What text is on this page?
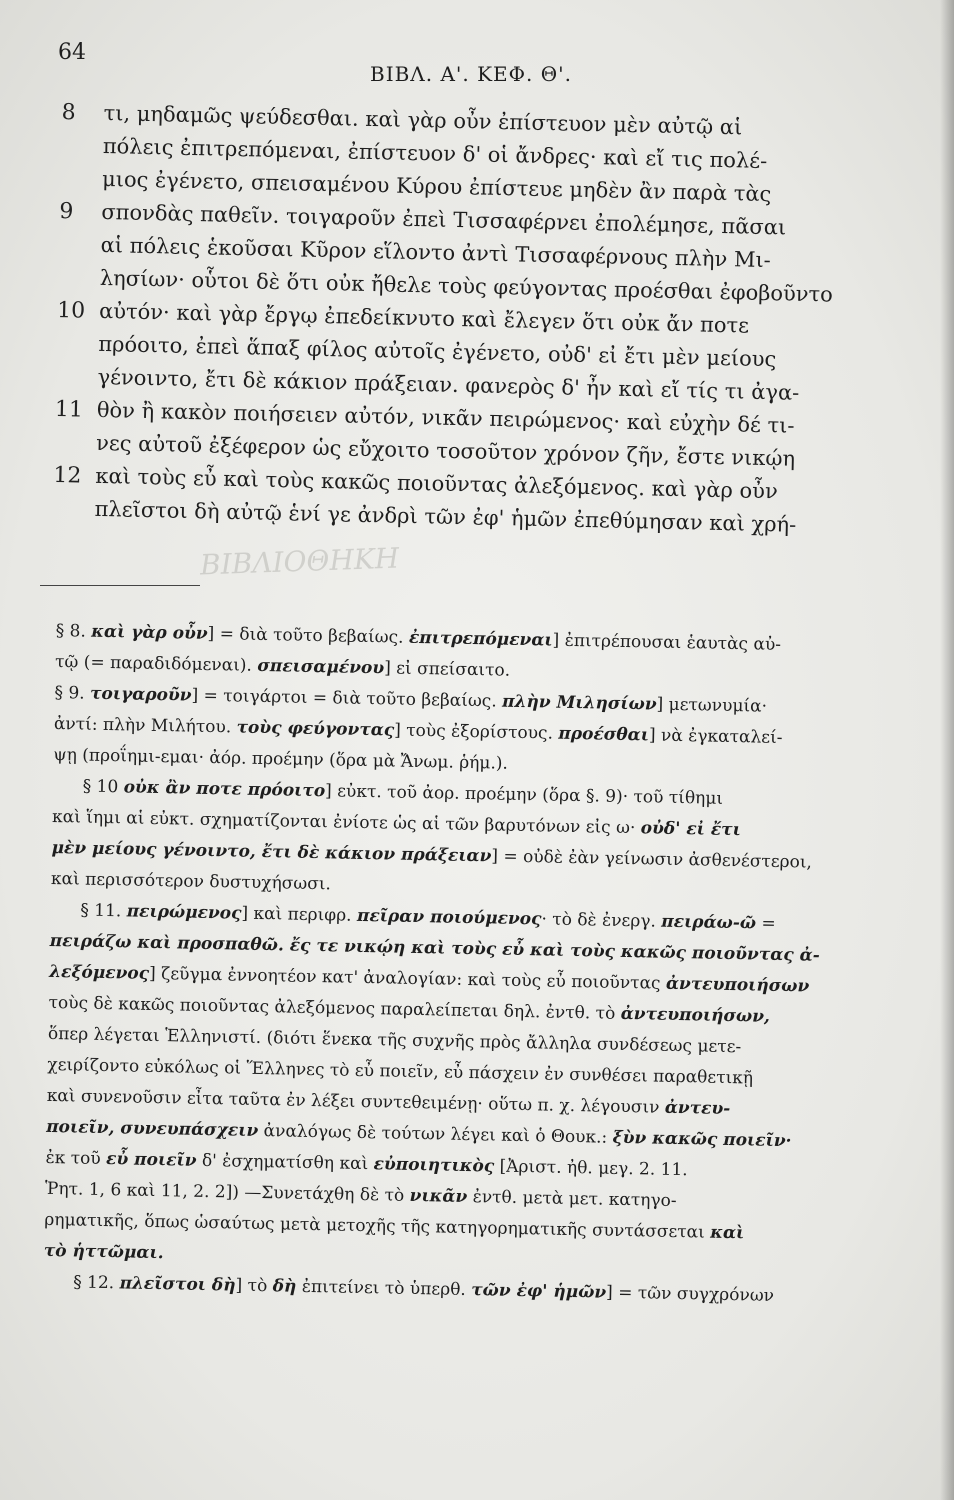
64
ΒΙΒΛ. Α'. ΚΕΦ. Θ'.
8	τι, μηδαμῶς ψεύδεσθαι. καὶ γὰρ οὖν ἐπίστευον μὲν αὐτῷ αἱ
πόλεις ἐπιτρεπόμεναι, ἐπίστευον δ' οἱ ἄνδρες· καὶ εἴ τις πολέ-
μιος ἐγένετο, σπεισαμένου Κύρου ἐπίστευε μηδὲν ἂν παρὰ τὰς
9	σπονδὰς παθεῖν. τοιγαροῦν ἐπεὶ Τισσαφέρνει ἐπολέμησε, πᾶσαι
αἱ πόλεις ἑκοῦσαι Κῦρον εἵλοντο ἀντὶ Τισσαφέρνους πλὴν Μι-
λησίων· οὗτοι δὲ ὅτι οὐκ ἤθελε τοὺς φεύγοντας προέσθαι ἐφοβοῦντο
10 αὐτόν· καὶ γὰρ ἔργῳ ἐπεδείκνυτο καὶ ἔλεγεν ὅτι οὐκ ἄν ποτε
πρόοιτο, ἐπεὶ ἅπαξ φίλος αὐτοῖς ἐγένετο, οὐδ' εἰ ἔτι μὲν μείους
γένοιντο, ἔτι δὲ κάκιον πράξειαν. φανερὸς δ' ἦν καὶ εἴ τίς τι ἀγα-
11 θὸν ἢ κακὸν ποιήσειεν αὐτόν, νικᾶν πειρώμενος· καὶ εὐχὴν δέ τι-
νες αὐτοῦ ἐξέφερον ὡς εὔχοιτο τοσοῦτον χρόνον ζῆν, ἔστε νικῴη
12 καὶ τοὺς εὖ καὶ τοὺς κακῶς ποιοῦντας ἀλεξόμενος. καὶ γὰρ οὖν
πλεῖστοι δὴ αὐτῷ ἑνί γε ἀνδρὶ τῶν ἐφ' ἡμῶν ἐπεθύμησαν καὶ χρή-
ΒΙΒΛΙΟΘΗΚΗ
§ 8. καὶ γὰρ οὖν] = διὰ τοῦτο βεβαίως. ἐπιτρεπόμεναι] ἐπιτρέπουσαι ἑαυτὰς αὐ-
τῷ (= παραδιδόμεναι). σπεισαμένου] εἰ σπείσαιτο.
§ 9. τοιγαροῦν] = τοιγάρτοι = διὰ τοῦτο βεβαίως. πλὴν Μιλησίων] μετωνυμία·
ἀντί: πλὴν Μιλήτου. τοὺς φεύγοντας] τοὺς ἐξορίστους. προέσθαι] νὰ ἐγκαταλεί-
ψῃ (προΐημι-εμαι· ἀόρ. προέμην (ὅρα μὰ Ἄνωμ. ῥήμ.).
§ 10 οὐκ ἂν ποτε πρόοιτο] εὐκτ. τοῦ ἀορ. προέμην (ὅρα §. 9)· τοῦ τίθημι
καὶ ἵημι αἱ εὐκτ. σχηματίζονται ἐνίοτε ὡς αἱ τῶν βαρυτόνων εἰς ω· οὐδ' εἰ ἔτι
μὲν μείους γένοιντο, ἔτι δὲ κάκιον πράξειαν] = οὐδὲ ἐὰν γείνωσιν ἀσθενέστεροι,
καὶ περισσότερον δυστυχήσωσι.
§ 11. πειρώμενος] καὶ περιφρ. πεῖραν ποιούμενος· τὸ δὲ ἐνεργ. πειράω-ῶ =
πειράζω καὶ προσπαθῶ. ἔς τε νικῴη καὶ τοὺς εὖ καὶ τοὺς κακῶς ποιοῦντας ἀ-
λεξόμενος] ζεῦγμα ἐννοητέον κατ' ἀναλογίαν: καὶ τοὺς εὖ ποιοῦντας ἀντευποιήσων
τοὺς δὲ κακῶς ποιοῦντας ἀλεξόμενος παραλείπεται δηλ. ἐντθ. τὸ ἀντευποιήσων,
ὅπερ λέγεται Ἑλληνιστί. (διότι ἕνεκα τῆς συχνῆς πρὸς ἄλληλα συνδέσεως μετε-
χειρίζοντο εὐκόλως οἱ Ἕλληνες τὸ εὖ ποιεῖν, εὖ πάσχειν ἐν συνθέσει παραθετικῇ
καὶ συνενοῦσιν εἶτα ταῦτα ἐν λέξει συντεθειμένῃ· οὕτω π. χ. λέγουσιν ἀντευ-
ποιεῖν, συνευπάσχειν ἀναλόγως δὲ τούτων λέγει καὶ ὁ Θουκ.: ξὺν κακῶς ποιεῖν·
ἐκ τοῦ εὖ ποιεῖν δ' ἐσχηματίσθη καὶ εὐποιητικὸς [Ἀριστ. ἠθ. μεγ. 2. 11.
Ῥητ. 1, 6 καὶ 11, 2. 2]) —Συνετάχθη δὲ τὸ νικᾶν ἐντθ. μετὰ μετ. κατηγο-
ρηματικῆς, ὅπως ὡσαύτως μετὰ μετοχῆς τῆς κατηγορηματικῆς συντάσσεται καὶ
τὸ ἡττῶμαι.
§ 12. πλεῖστοι δὴ] τὸ δὴ ἐπιτείνει τὸ ὑπερθ. τῶν ἐφ' ἡμῶν] = τῶν συγχρόνων
